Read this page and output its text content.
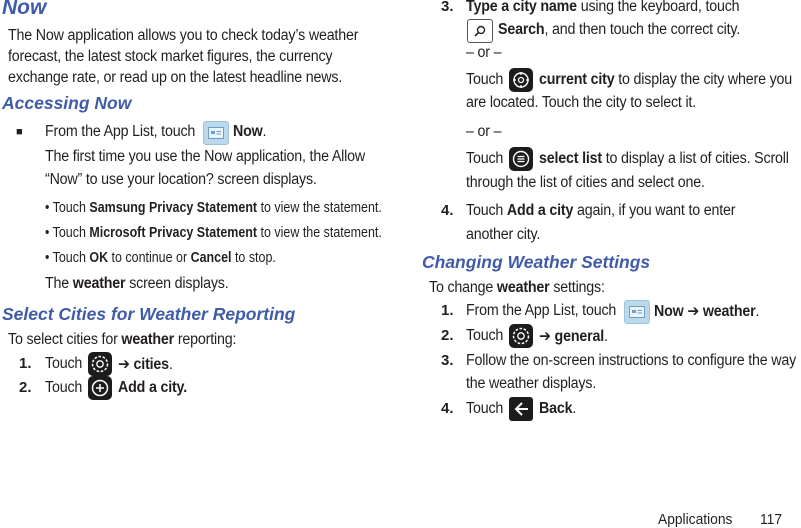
Now
The Now application allows you to check today’s weather
forecast, the latest stock market figures, the currency
exchange rate, or read up on the latest headline news.
Accessing Now
■ From the App List, touch Now.
The first time you use the Now application, the Allow
“Now” to use your location? screen displays.
• Touch Samsung Privacy Statement to view the statement.
• Touch Microsoft Privacy Statement to view the statement.
• Touch OK to continue or Cancel to stop.
The weather screen displays.
Select Cities for Weather Reporting
To select cities for weather reporting:
1. Touch ➔ cities.
2. Touch Add a city.
3. Type a city name using the keyboard, touch
Search, and then touch the correct city.
– or –
Touch current city to display the city where you
are located. Touch the city to select it.
– or –
Touch select list to display a list of cities. Scroll
through the list of cities and select one.
4. Touch Add a city again, if you want to enter
another city.
Changing Weather Settings
To change weather settings:
1. From the App List, touch Now ➔ weather.
2. Touch ➔ general.
3. Follow the on-screen instructions to configure the way
the weather displays.
4. Touch Back.
Applications 117
